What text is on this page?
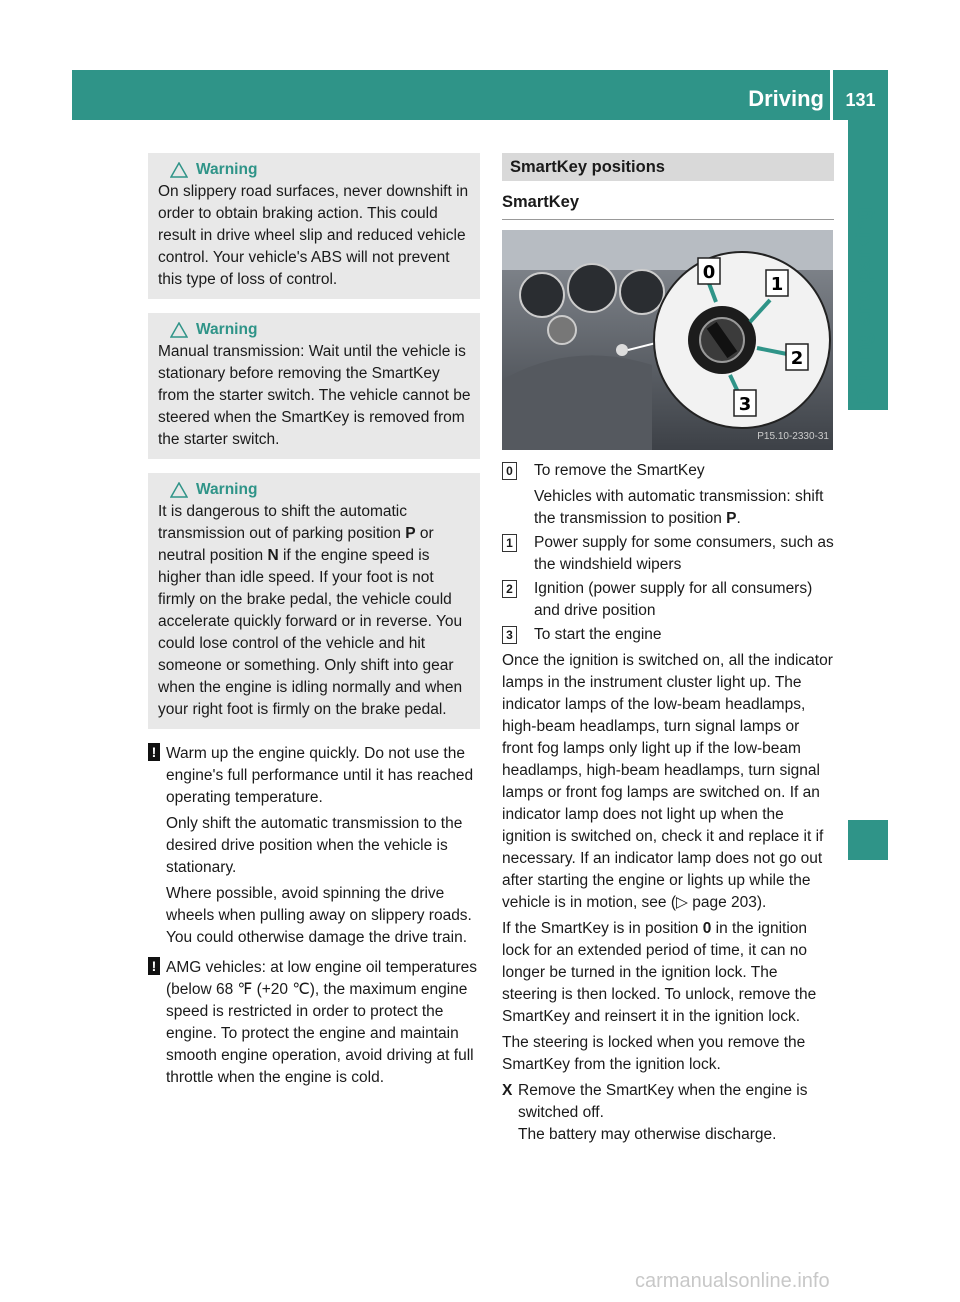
Driving	131
Driving and parking
Warning

On slippery road surfaces, never downshift in order to obtain braking action. This could result in drive wheel slip and reduced vehicle control. Your vehicle's ABS will not prevent this type of loss of control.

Warning

Manual transmission: Wait until the vehicle is stationary before removing the SmartKey from the starter switch. The vehicle cannot be steered when the SmartKey is removed from the starter switch.

Warning

It is dangerous to shift the automatic transmission out of parking position P or neutral position N if the engine speed is higher than idle speed. If your foot is not firmly on the brake pedal, the vehicle could accelerate quickly forward or in reverse. You could lose control of the vehicle and hit someone or something. Only shift into gear when the engine is idling normally and when your right foot is firmly on the brake pedal.

! Warm up the engine quickly. Do not use the engine's full performance until it has reached operating temperature.

Only shift the automatic transmission to the desired drive position when the vehicle is stationary.

Where possible, avoid spinning the drive wheels when pulling away on slippery roads. You could otherwise damage the drive train.

! AMG vehicles: at low engine oil temperatures (below 68 ℉ (+20 ℃), the maximum engine speed is restricted in order to protect the engine. To protect the engine and maintain smooth engine operation, avoid driving at full throttle when the engine is cold.

SmartKey positions
SmartKey
0
1
2
3
P15.10-2330-31
0 To remove the SmartKey

Vehicles with automatic transmission: shift the transmission to position P.

1 Power supply for some consumers, such as the windshield wipers

2 Ignition (power supply for all consumers) and drive position

3 To start the engine

Once the ignition is switched on, all the indicator lamps in the instrument cluster light up. The indicator lamps of the low-beam headlamps, high-beam headlamps, turn signal lamps or front fog lamps only light up if the low-beam headlamps, high-beam headlamps, turn signal lamps or front fog lamps are switched on. If an indicator lamp does not light up when the ignition is switched on, check it and replace it if necessary. If an indicator lamp does not go out after starting the engine or lights up while the vehicle is in motion, see (▷ page 203).

If the SmartKey is in position 0 in the ignition lock for an extended period of time, it can no longer be turned in the ignition lock. The steering is then locked. To unlock, remove the SmartKey and reinsert it in the ignition lock.

The steering is locked when you remove the SmartKey from the ignition lock.

X Remove the SmartKey when the engine is switched off.

The battery may otherwise discharge.

carmanualsonline.info
